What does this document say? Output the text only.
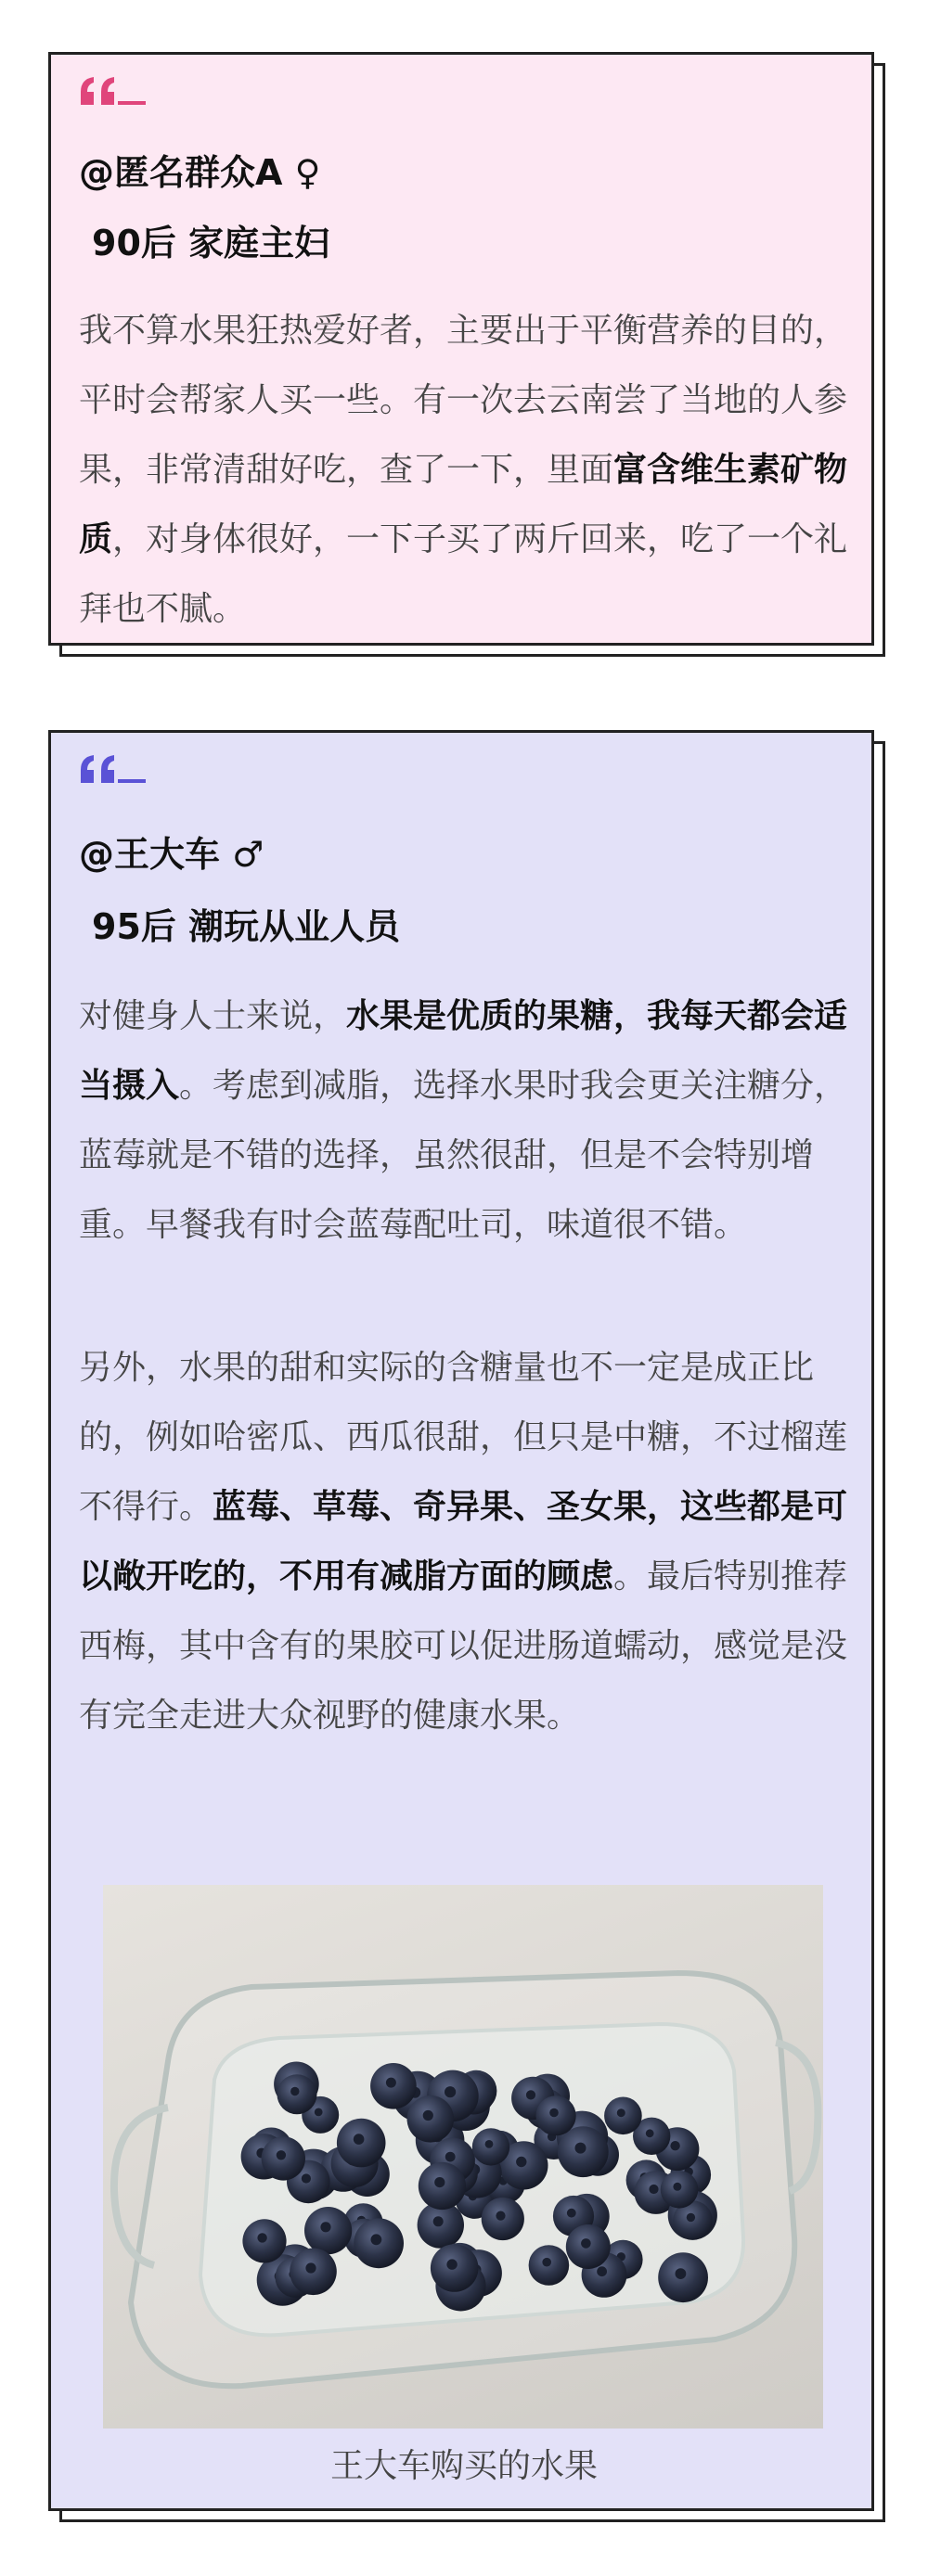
@匿名群众A ♀
90后 家庭主妇

我不算水果狂热爱好者，主要出于平衡营养的目的，平时会帮家人买一些。有一次去云南尝了当地的人参果，非常清甜好吃，查了一下，里面富含维生素矿物质，对身体很好，一下子买了两斤回来，吃了一个礼拜也不腻。

@王大车 ♂
95后 潮玩从业人员

对健身人士来说，水果是优质的果糖，我每天都会适当摄入。考虑到减脂，选择水果时我会更关注糖分，蓝莓就是不错的选择，虽然很甜，但是不会特别增重。早餐我有时会蓝莓配吐司，味道很不错。

另外，水果的甜和实际的含糖量也不一定是成正比的，例如哈密瓜、西瓜很甜，但只是中糖，不过榴莲不得行。蓝莓、草莓、奇异果、圣女果，这些都是可以敞开吃的，不用有减脂方面的顾虑。最后特别推荐西梅，其中含有的果胶可以促进肠道蠕动，感觉是没有完全走进大众视野的健康水果。

王大车购买的水果
